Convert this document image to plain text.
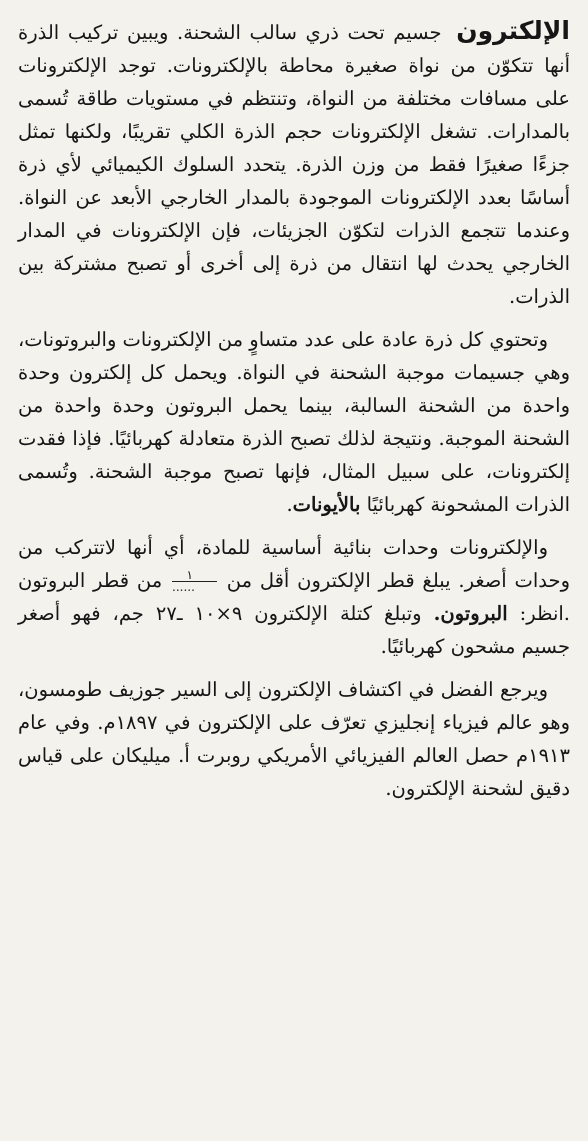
الإلكترون جسيم تحت ذري سالب الشحنة. ويبين تركيب الذرة أنها تتكوّن من نواة صغيرة محاطة بالإلكترونات. توجد الإلكترونات على مسافات مختلفة من النواة، وتنتظم في مستويات طاقة تُسمى بالمدارات. تشغل الإلكترونات حجم الذرة الكلي تقريبًا، ولكنها تمثل جزءًا صغيرًا فقط من وزن الذرة. يتحدد السلوك الكيميائي لأي ذرة أساسًا بعدد الإلكترونات الموجودة بالمدار الخارجي الأبعد عن النواة. وعندما تتجمع الذرات لتكوّن الجزيئات، فإن الإلكترونات في المدار الخارجي يحدث لها انتقال من ذرة إلى أخرى أو تصبح مشتركة بين الذرات.

وتحتوي كل ذرة عادة على عدد متساوٍ من الإلكترونات والبروتونات، وهي جسيمات موجبة الشحنة في النواة. ويحمل كل إلكترون وحدة واحدة من الشحنة السالبة، بينما يحمل البروتون وحدة واحدة من الشحنة الموجبة. ونتيجة لذلك تصبح الذرة متعادلة كهربائيًا. فإذا فقدت إلكترونات، على سبيل المثال، فإنها تصبح موجبة الشحنة. وتُسمى الذرات المشحونة كهربائيًا بالأيونات.

والإلكترونات وحدات بنائية أساسية للمادة، أي أنها لاتتركب من وحدات أصغر. يبلغ قطر الإلكترون أقل من
$\frac{١}{......}$
من قطر البروتون .انظر: البروتون. وتبلغ كتلة الإلكترون ٩×١٠ ـ٢٧ جم، فهو أصغر جسيم مشحون كهربائيًا.

ويرجع الفضل في اكتشاف الإلكترون إلى السير جوزيف طومسون، وهو عالم فيزياء إنجليزي تعرّف على الإلكترون في ١٨٩٧م. وفي عام ١٩١٣م حصل العالم الفيزيائي الأمريكي روبرت أ. ميليكان على قياس دقيق لشحنة الإلكترون.
